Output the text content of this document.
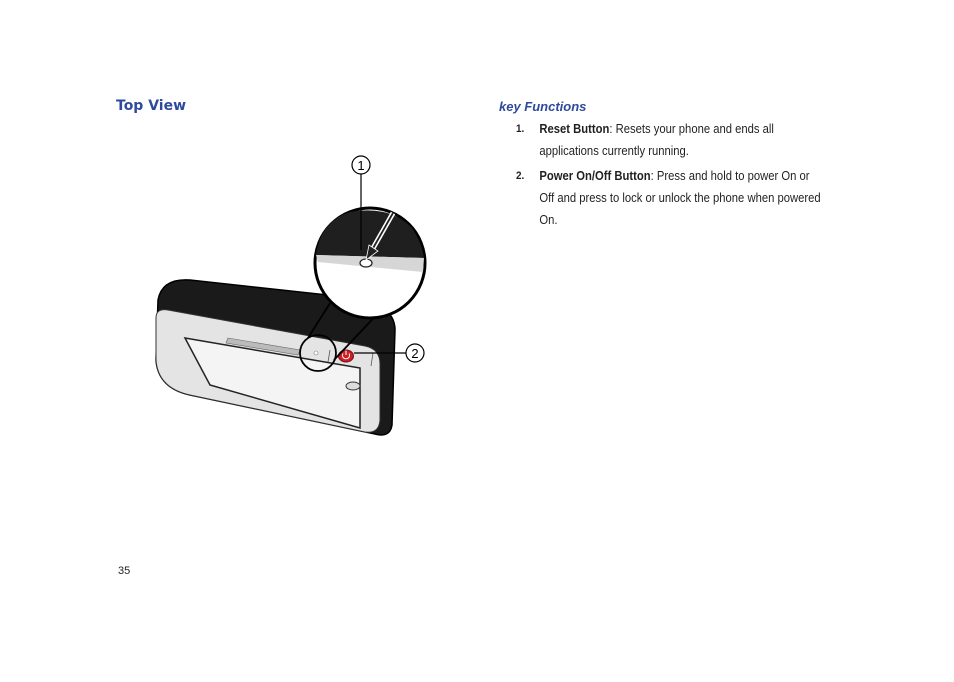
Top View
1
2
key Functions
1. Reset Button: Resets your phone and ends all applications currently running.
2. Power On/Off Button: Press and hold to power On or Off and press to lock or unlock the phone when powered On.
35
